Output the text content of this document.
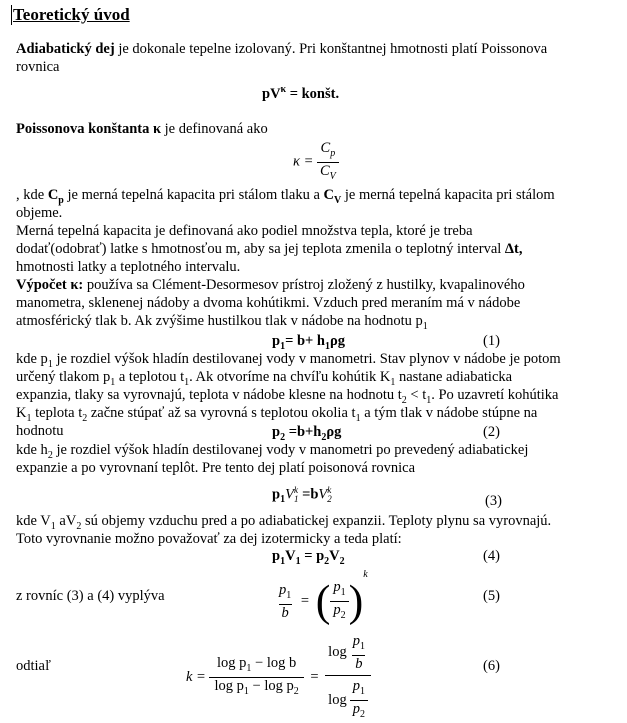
Teoretický úvod
Adiabatický dej je dokonale tepelne izolovaný. Pri konštantnej hmotnosti platí Poissonova
rovnica
$pV^\kappa$ = konšt.
Poissonova konštanta κ je definovaná ako
$\kappa = \frac{C_p}{C_V}$
, kde $C_p$ je merná tepelná kapacita pri stálom tlaku a $C_V$ je merná tepelná kapacita pri stálom
objeme.
Merná tepelná kapacita je definovaná ako podiel množstva tepla, ktoré je treba
dodať(odobrať) latke s hmotnosťou m, aby sa jej teplota zmenila o teplotný interval Δt,
hmotnosti latky a teplotného intervalu.
Výpočet κ: používa sa Clément-Desormesov prístroj zložený z hustilky, kvapalinového
manometra, sklenenej nádoby a dvoma kohútikmi. Vzduch pred meraním má v nádobe
atmosférický tlak b. Ak zvýšime hustilkou tlak v nádobe na hodnotu $p_1$
$p_1= b+ h_1\rho g$	(1)
kde $p_1$ je rozdiel výšok hladín destilovanej vody v manometri. Stav plynov v nádobe je potom
určený tlakom $p_1$ a teplotou $t_1$. Ak otvoríme na chvíľu kohútik $K_1$ nastane adiabaticka
expanzia, tlaky sa vyrovnajú, teplota v nádobe klesne na hodnotu $t_2 < t_1$. Po uzavretí kohútika
$K_1$ teplota $t_2$ začne stúpať až sa vyrovná s teplotou okolia $t_1$ a tým tlak v nádobe stúpne na
hodnotu	$p_2 =b+h_2\rho g$	(2)
kde $h_2$ je rozdiel výšok hladín destilovanej vody v manometri po prevedený adiabatickej
expanzie a po vyrovnaní teplôt. Pre tento dej platí poisonová rovnica
$p_1V$ k
1 =bV k
2	(3)
kde $V_1$ $aV_2$ sú objemy vzduchu pred a po adiabatickej expanzii. Teploty plynu sa vyrovnajú.
Toto vyrovnanie možno považovať za dej izotermicky a teda platí:
$p_1V_1 = p_2V_2$	(4)
z rovníc (3) a (4) vyplýva	$\frac{p_1}{b}$ = ( $\frac{p_1}{p_2} )^k$
(5)
odtiaľ
$k = \frac{\log p_1 - \log b}{\log p_1 - \log p_2} = \frac{\log \frac{p_1}{b}}{\log \frac{p_1}{p_2}}$	(6)
